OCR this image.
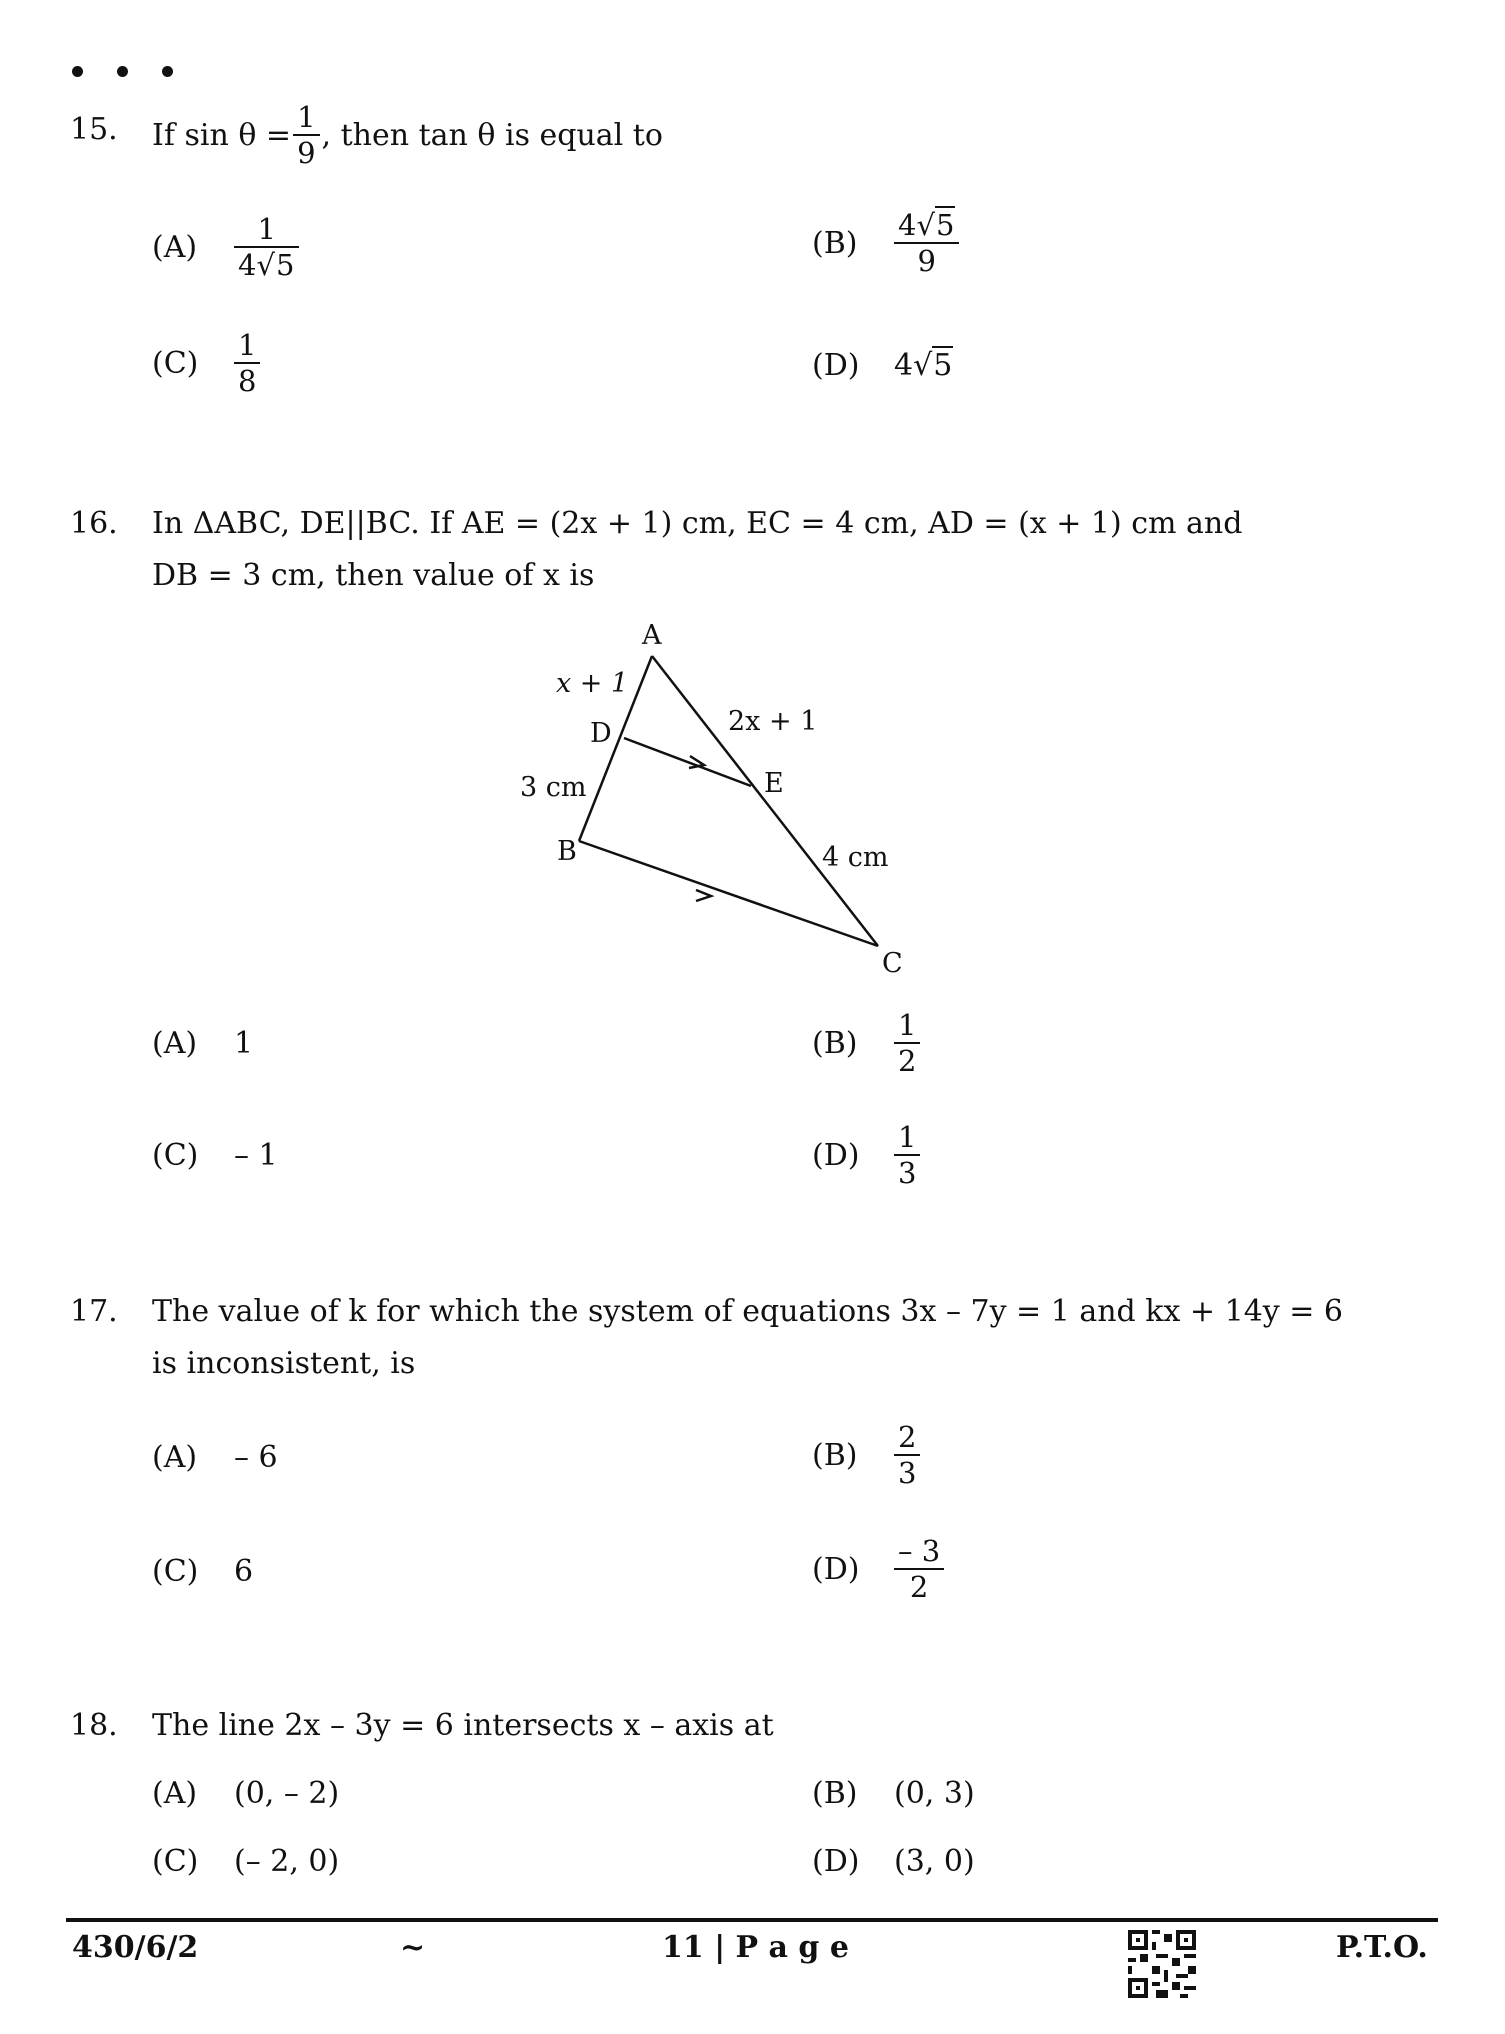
15. If $\sin \theta = \frac{1}{9}$ , then tan θ is equal to
(A)	$\frac{1}{4√5}$	(B)	$\frac{4√5}{9}$
(C)	$\frac{1}{8}$	(D)	4√5
16. In ΔABC, DE||BC. If AE = (2x + 1) cm, EC = 4 cm, AD = (x + 1) cm and
DB = 3 cm, then value of x is
A
B
C
D
E
x + 1
2x + 1
3 cm
4 cm
(A)	1	(B)	$\frac{1}{2}$
(C)	– 1	(D)	$\frac{1}{3}$
17. The value of k for which the system of equations 3x – 7y = 1 and kx + 14y = 6
is inconsistent, is
(A)	– 6	(B)	$\frac{2}{3}$
(C)	6	(D)	$\frac{- 3}{2}$
18. The line 2x – 3y = 6 intersects x – axis at
(A)	(0, – 2)	(B)	(0, 3)
(C)	(– 2, 0)	(D)	(3, 0)
430/6/2	~	11 | P a g e	P.T.O.
